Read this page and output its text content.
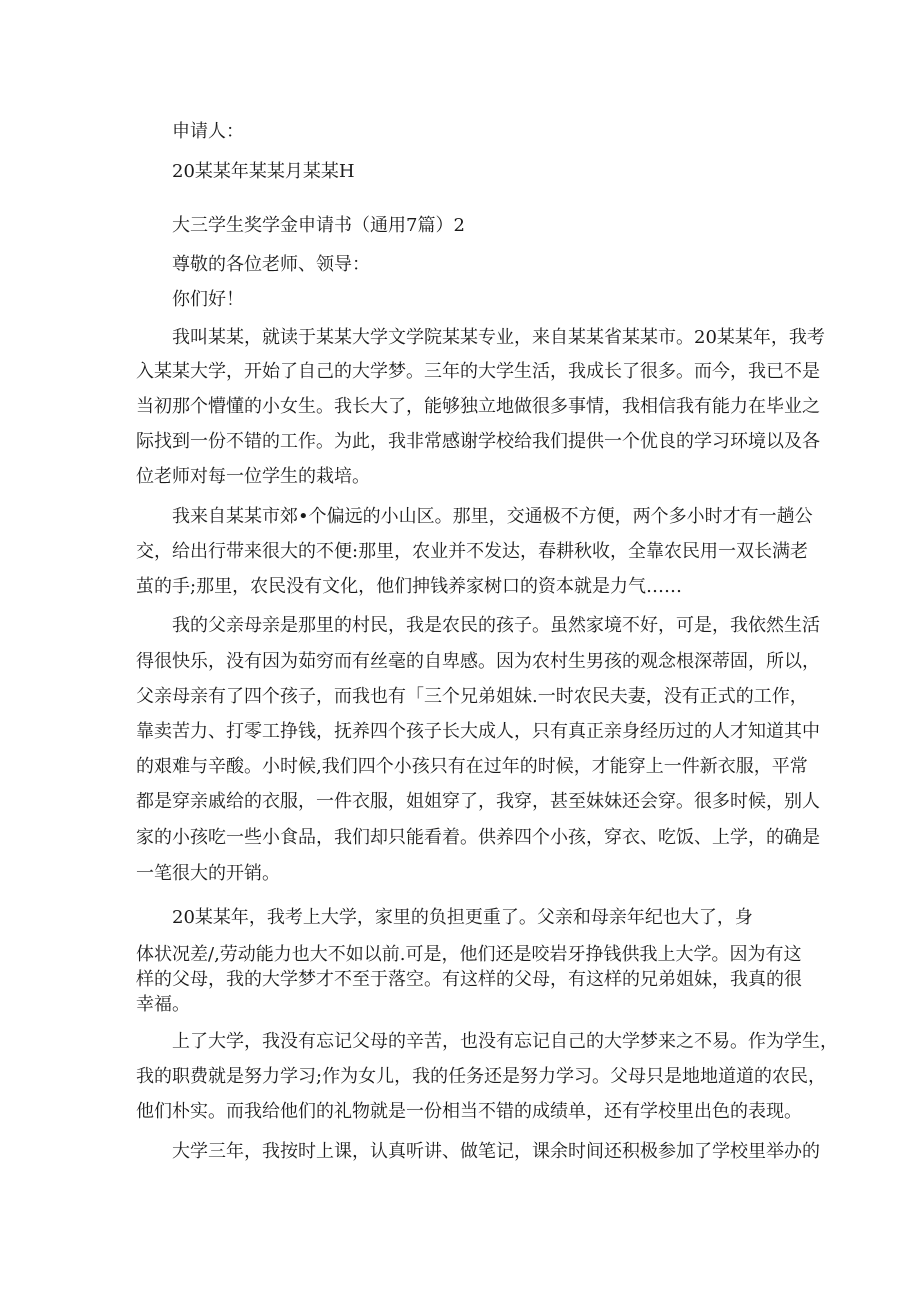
申请人：

20某某年某某月某某H

大三学生奖学金申请书（通用7篇）2

尊敬的各位老师、领导：

你们好！

我叫某某，就读于某某大学文学院某某专业，来自某某省某某市。20某某年，我考

入某某大学，开始了自己的大学梦。三年的大学生活，我成长了很多。而今，我已不是

当初那个懵懂的小女生。我长大了，能够独立地做很多事情，我相信我有能力在毕业之

际找到一份不错的工作。为此，我非常感谢学校给我们提供一个优良的学习环境以及各

位老师对每一位学生的栽培。

我来自某某市郊•个偏远的小山区。那里，交通极不方便，两个多小时才有一趟公

交，给出行带来很大的不便:那里，农业并不发达，春耕秋收，全靠农民用一双长满老

茧的手;那里，农民没有文化，他们抻钱养家树口的资本就是力气……

我的父亲母亲是那里的村民，我是农民的孩子。虽然家境不好，可是，我依然生活

得很快乐，没有因为茹穷而有丝毫的自卑感。因为农村生男孩的观念根深蒂固，所以，

父亲母亲有了四个孩子，而我也有「三个兄弟姐妹.一时农民夫妻，没有正式的工作，

靠卖苦力、打零工挣钱，抚养四个孩子长大成人，只有真正亲身经历过的人才知道其中

的艰难与辛酸。小时候,我们四个小孩只有在过年的时候，才能穿上一件新衣服，平常

都是穿亲戚给的衣服，一件衣服，姐姐穿了，我穿，甚至妹妹还会穿。很多时候，别人

家的小孩吃一些小食品，我们却只能看着。供养四个小孩，穿衣、吃饭、上学，的确是

一笔很大的开销。

20某某年，我考上大学，家里的负担更重了。父亲和母亲年纪也大了，身

体状况差/,劳动能力也大不如以前.可是，他们还是咬岩牙挣钱供我上大学。因为有这

样的父母，我的大学梦才不至于落空。有这样的父母，有这样的兄弟姐妹，我真的很

幸福。

上了大学，我没有忘记父母的辛苦，也没有忘记自己的大学梦来之不易。作为学生，

我的职费就是努力学习;作为女儿，我的任务还是努力学习。父母只是地地道道的农民，

他们朴实。而我给他们的礼物就是一份相当不错的成绩单，还有学校里出色的表现。

大学三年，我按时上课，认真听讲、做笔记，课余时间还积极参加了学校里举办的
